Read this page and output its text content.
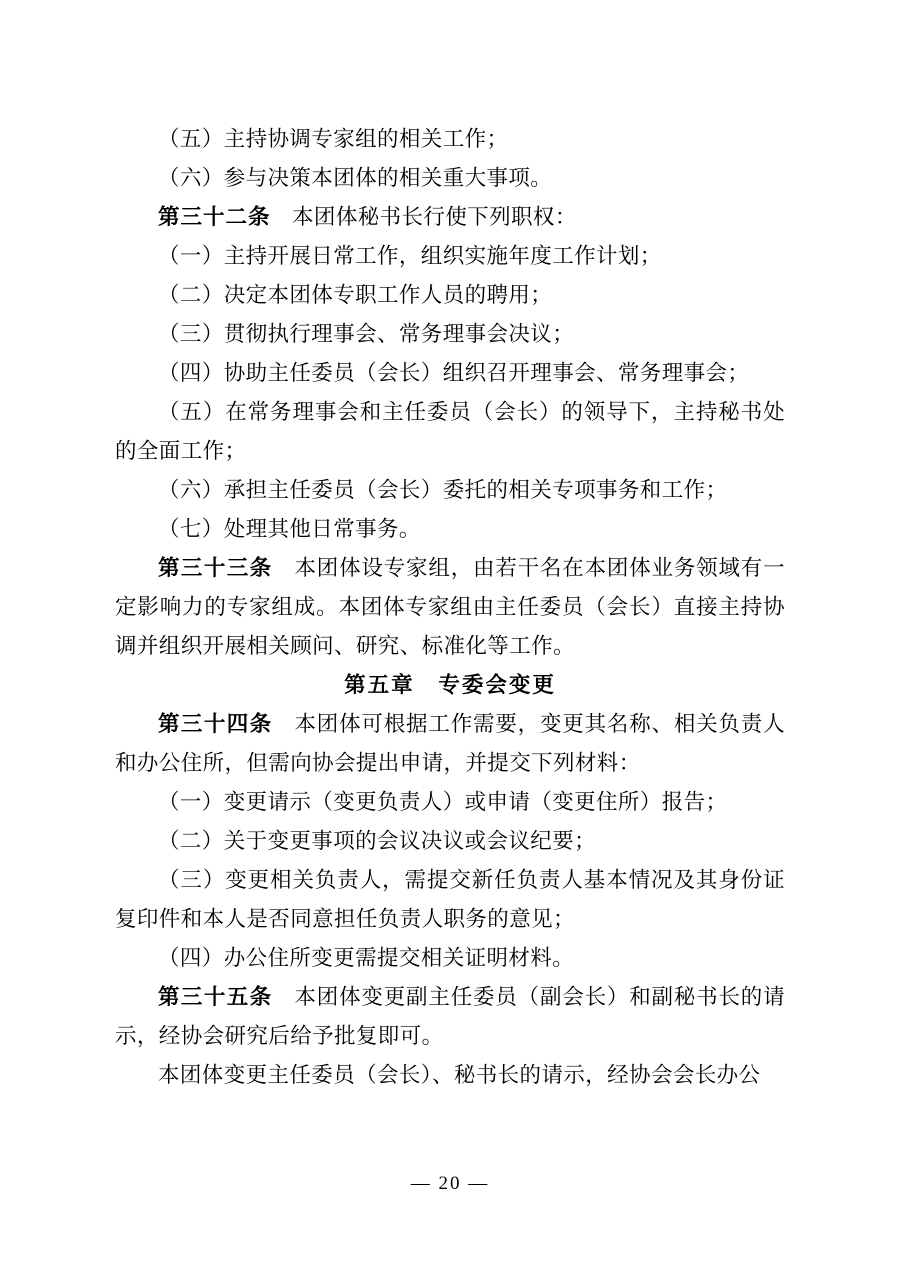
（五）主持协调专家组的相关工作；

（六）参与决策本团体的相关重大事项。

第三十二条 本团体秘书长行使下列职权：

（一）主持开展日常工作，组织实施年度工作计划；

（二）决定本团体专职工作人员的聘用；

（三）贯彻执行理事会、常务理事会决议；

（四）协助主任委员（会长）组织召开理事会、常务理事会；

（五）在常务理事会和主任委员（会长）的领导下，主持秘书处的全面工作；

（六）承担主任委员（会长）委托的相关专项事务和工作；

（七）处理其他日常事务。

第三十三条 本团体设专家组，由若干名在本团体业务领域有一定影响力的专家组成。本团体专家组由主任委员（会长）直接主持协调并组织开展相关顾问、研究、标准化等工作。

第五章 专委会变更

第三十四条 本团体可根据工作需要，变更其名称、相关负责人和办公住所，但需向协会提出申请，并提交下列材料：

（一）变更请示（变更负责人）或申请（变更住所）报告；

（二）关于变更事项的会议决议或会议纪要；

（三）变更相关负责人，需提交新任负责人基本情况及其身份证复印件和本人是否同意担任负责人职务的意见；

（四）办公住所变更需提交相关证明材料。

第三十五条 本团体变更副主任委员（副会长）和副秘书长的请示，经协会研究后给予批复即可。

本团体变更主任委员（会长）、秘书长的请示，经协会会长办公

— 20 —
